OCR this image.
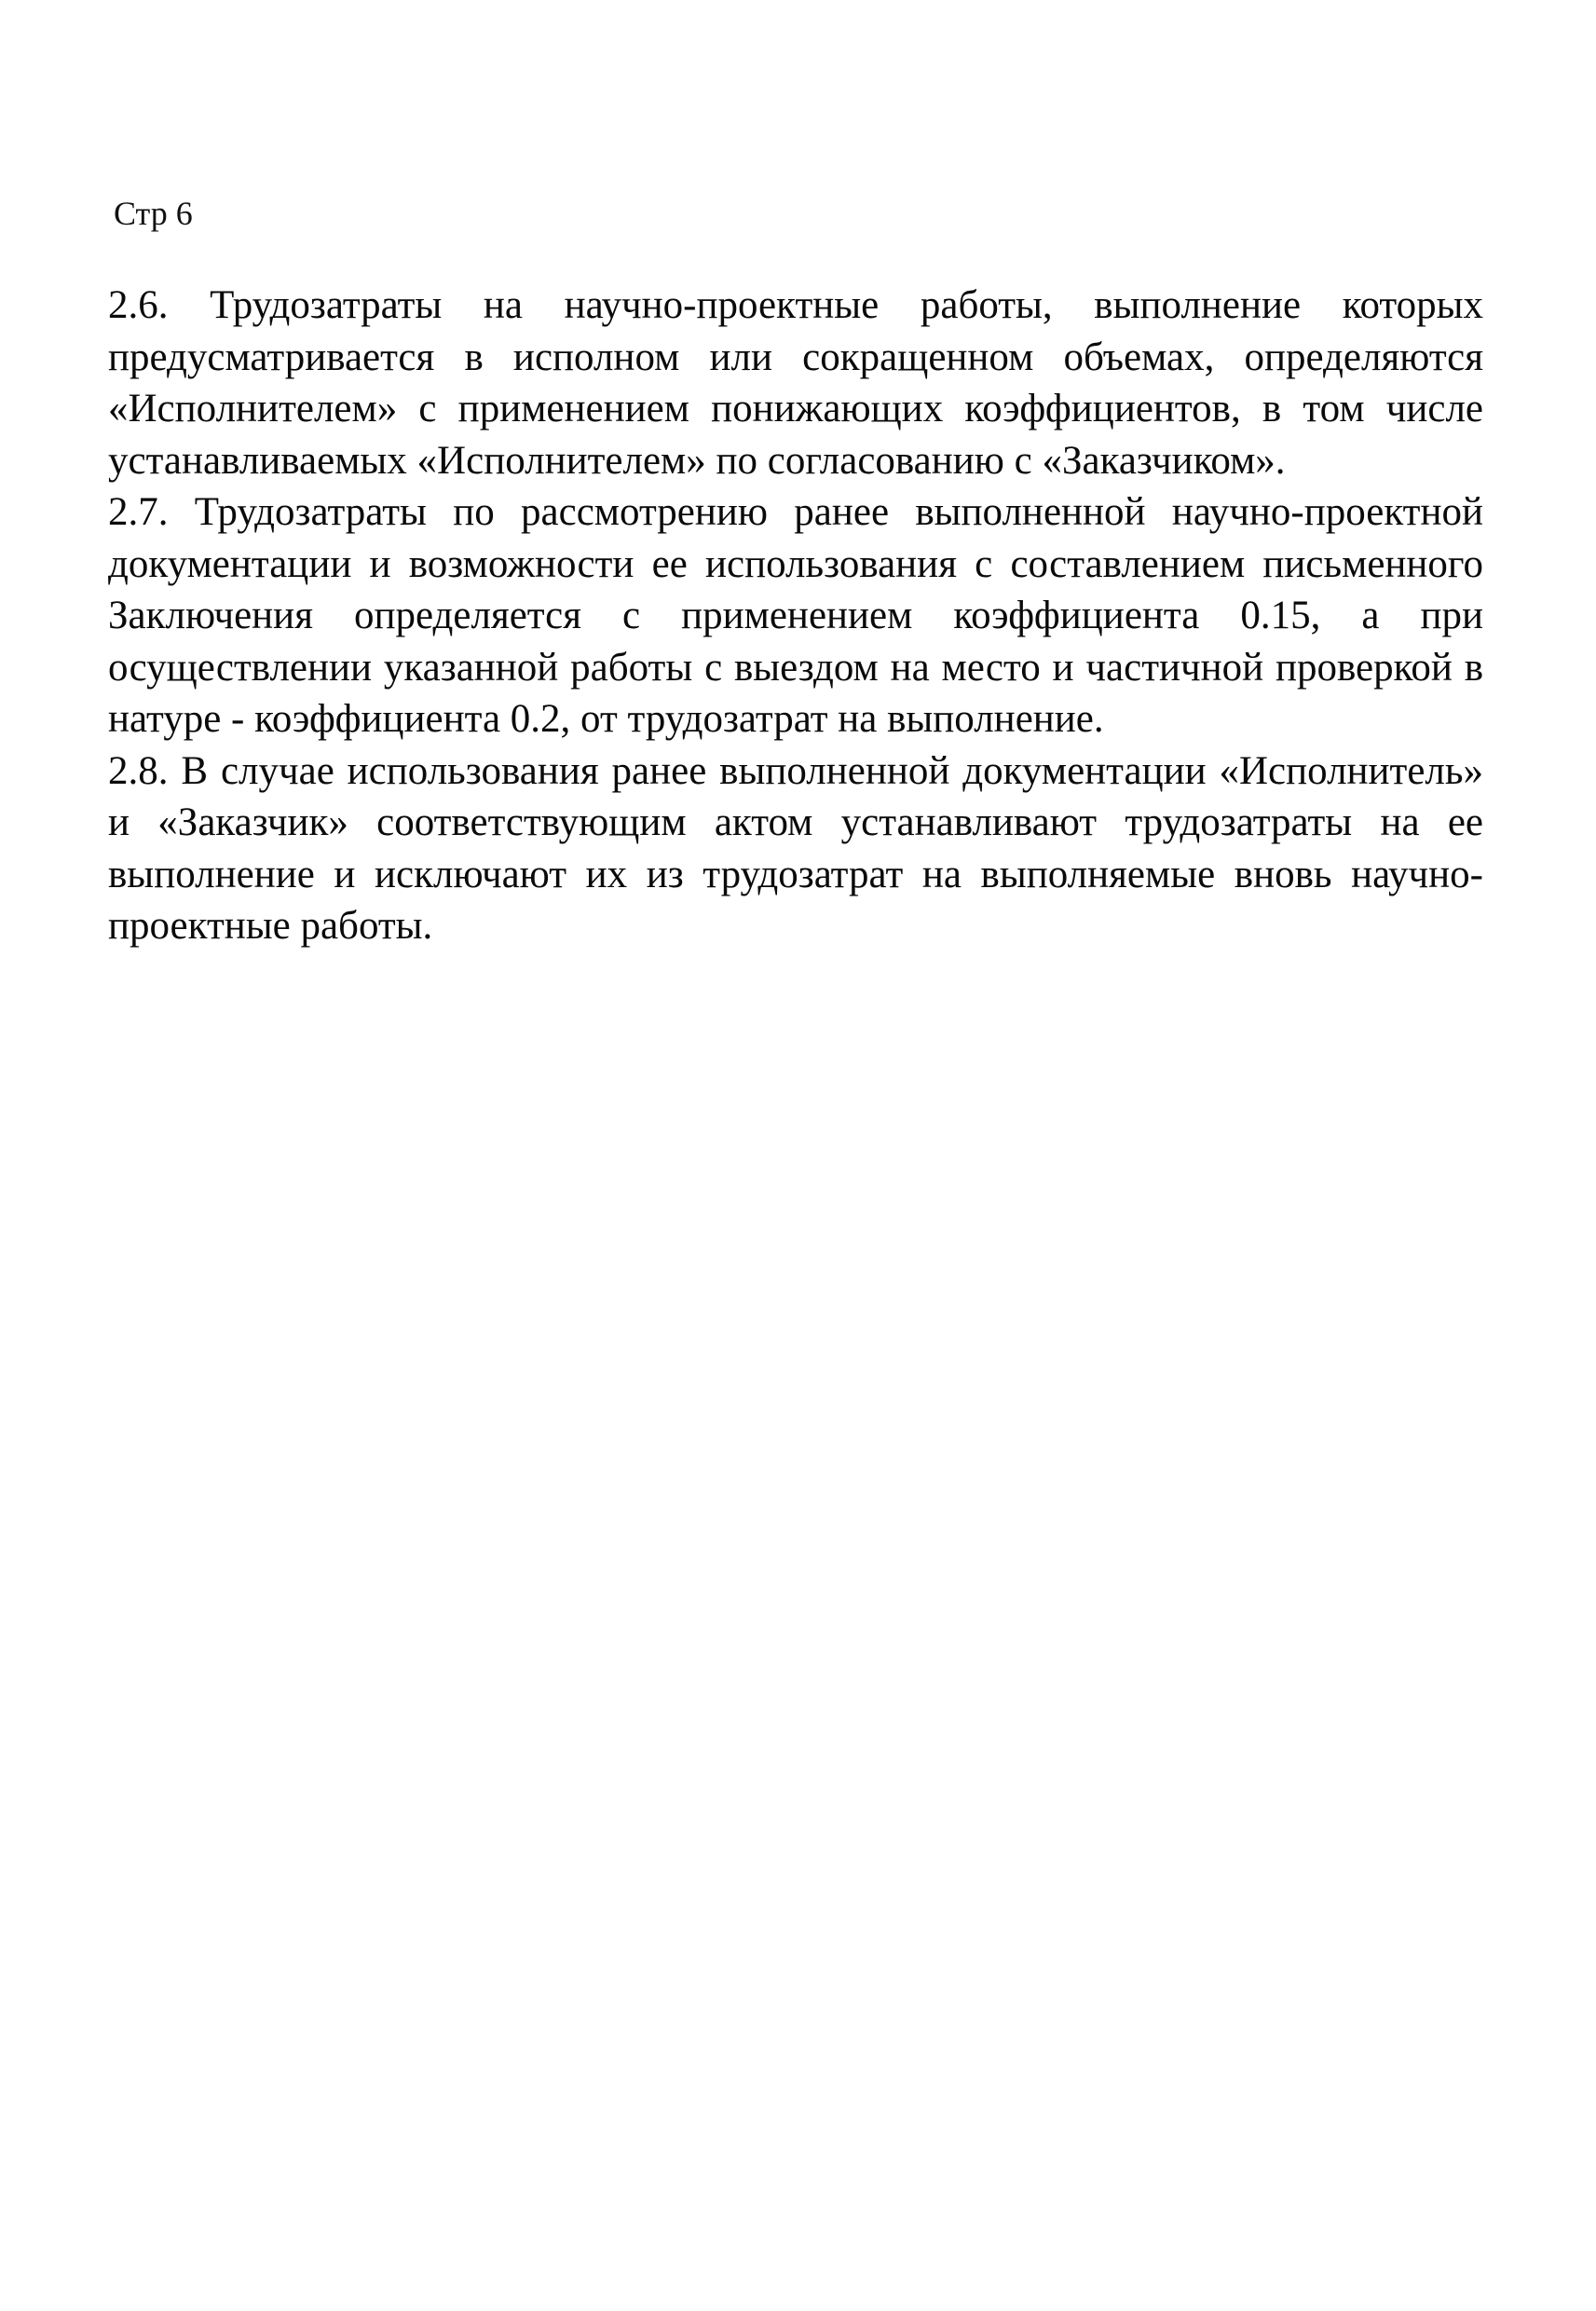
Стр 6

2.6. Трудозатраты на научно-проектные работы, выполнение которых предусматривается в исполном или сокращенном объемах, определяются «Исполнителем» с применением понижающих коэффициентов, в том числе устанавливаемых «Исполнителем» по согласованию с «Заказчиком».

2.7. Трудозатраты по рассмотрению ранее выполненной научно-проектной документации и возможности ее использования с составлением письменного Заключения определяется с применением коэффициента 0.15, а при осуществлении указанной работы с выездом на место и частичной проверкой в натуре - коэффициента 0.2, от трудозатрат на выполнение.

2.8. В случае использования ранее выполненной документации «Исполнитель» и «Заказчик» соответствующим актом устанавливают трудозатраты на ее выполнение и исключают их из трудозатрат на выполняемые вновь научно-проектные работы.
